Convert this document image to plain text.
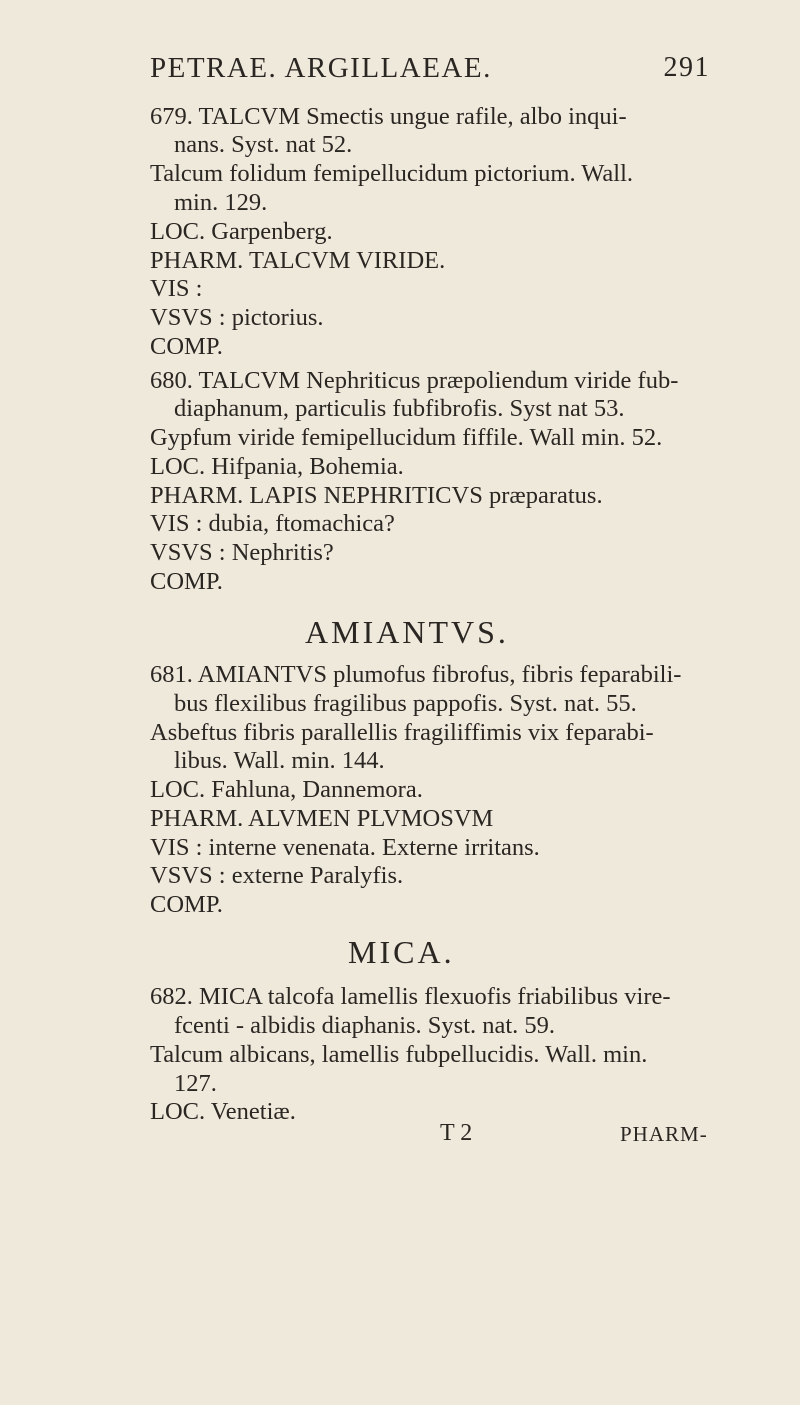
PETRAE. ARGILLAEAE.	291
679. TALCVM Smectis ungue rafile, albo inqui-
nans. Syst. nat 52.
Talcum folidum femipellucidum pictorium. Wall.
min. 129.
LOC. Garpenberg.
PHARM. TALCVM VIRIDE.
VIS :
VSVS : pictorius.
COMP.
680. TALCVM Nephriticus præpoliendum viride fub-
diaphanum, particulis fubfibrofis. Syst nat 53.
Gypfum viride femipellucidum fiffile. Wall min. 52.
LOC. Hifpania, Bohemia.
PHARM. LAPIS NEPHRITICVS præparatus.
VIS : dubia, ftomachica?
VSVS : Nephritis?
COMP.
AMIANTVS.
681. AMIANTVS plumofus fibrofus, fibris feparabili-
bus flexilibus fragilibus pappofis. Syst. nat. 55.
Asbeftus fibris parallellis fragiliffimis vix feparabi-
libus. Wall. min. 144.
LOC. Fahluna, Dannemora.
PHARM. ALVMEN PLVMOSVM
VIS : interne venenata. Externe irritans.
VSVS : externe Paralyfis.
COMP.
MICA.
682. MICA talcofa lamellis flexuofis friabilibus vire-
fcenti - albidis diaphanis. Syst. nat. 59.
Talcum albicans, lamellis fubpellucidis. Wall. min.
127.
LOC. Venetiæ.
T 2	PHARM-
